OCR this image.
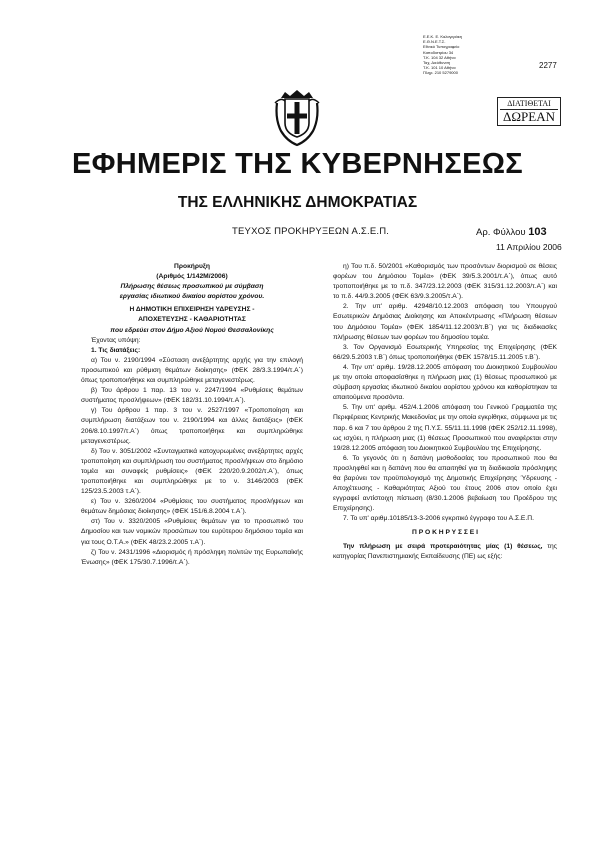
Ε.Ε.Κ. Ε. Καλογεράκη
Ε.Θ.Ν.Ε.Τ.Σ.
Εθνικό Τυπογραφείο
Καποδιστρίου 34
Τ.Κ. 104 32 Αθήνα
Ταχ. Διεύθυνση
Τ.Κ. 101 10 Αθήνα
Πληρ. 210 5279000
2277
ΔΙΑΤΙΘΕΤΑΙ
ΔΩΡΕΑΝ
ΕΦΗΜΕΡΙΣ ΤΗΣ ΚΥΒΕΡΝΗΣΕΩΣ
ΤΗΣ ΕΛΛΗΝΙΚΗΣ ΔΗΜΟΚΡΑΤΙΑΣ
ΤΕΥΧΟΣ ΠΡΟΚΗΡΥΞΕΩΝ Α.Σ.Ε.Π.	Αρ. Φύλλου 103
11 Απριλίου 2006

Προκήρυξη

(Αριθμός 1/142Μ/2006)

Πλήρωσης θέσεως προσωπικού με σύμβαση

εργασίας ιδιωτικού δικαίου αορίστου χρόνου.

Η ΔΗΜΟΤΙΚΗ ΕΠΙΧΕΙΡΗΣΗ ΥΔΡΕΥΣΗΣ -

ΑΠΟΧΕΤΕΥΣΗΣ - ΚΑΘΑΡΙΟΤΗΤΑΣ

που εδρεύει στον Δήμο Αξιού Νομού Θεσσαλονίκης

Έχοντας υπόψη:

1. Τις διατάξεις:

α) Του ν. 2190/1994 «Σύσταση ανεξάρτητης αρχής για την επιλογή προσωπικού και ρύθμιση θεμάτων διοίκησης» (ΦΕΚ 28/3.3.1994/τ.Α΄) όπως τροποποιήθηκε και συμπληρώθηκε μεταγενεστέρως.

β) Του άρθρου 1 παρ. 13 του ν. 2247/1994 «Ρυθμίσεις θεμάτων συστήματος προσλήψεων» (ΦΕΚ 182/31.10.1994/τ.Α΄).

γ) Του άρθρου 1 παρ. 3 του ν. 2527/1997 «Τροποποίηση και συμπλήρωση διατάξεων του ν. 2190/1994 και άλλες διατάξεις» (ΦΕΚ 206/8.10.1997/τ.Α΄) όπως τροποποιήθηκε και συμπληρώθηκε μεταγενεστέρως.

δ) Του ν. 3051/2002 «Συνταγματικά κατοχυρωμένες ανεξάρτητες αρχές τροποποίηση και συμπλήρωση του συστήματος προσλήψεων στο δημόσιο τομέα και συναφείς ρυθμίσεις» (ΦΕΚ 220/20.9.2002/τ.Α΄), όπως τροποποιήθηκε και συμπληρώθηκε με το ν. 3146/2003 (ΦΕΚ 125/23.5.2003 τ.Α΄).

ε) Του ν. 3260/2004 «Ρυθμίσεις του συστήματος προσλήψεων και θεμάτων δημόσιας διοίκησης» (ΦΕΚ 151/6.8.2004 τ.Α΄).

στ) Του ν. 3320/2005 «Ρυθμίσεις θεμάτων για το προσωπικό του Δημοσίου και των νομικών προσώπων του ευρύτερου δημόσιου τομέα και για τους Ο.Τ.Α.» (ΦΕΚ 48/23.2.2005 τ.Α΄).

ζ) Του ν. 2431/1996 «Διορισμός ή πρόσληψη πολιτών της Ευρωπαϊκής Ένωσης» (ΦΕΚ 175/30.7.1996/τ.Α΄).

η) Του π.δ. 50/2001 «Καθορισμός των προσόντων διορισμού σε θέσεις φορέων του Δημόσιου Τομέα» (ΦΕΚ 39/5.3.2001/τ.Α΄), όπως αυτό τροποποιήθηκε με το π.δ. 347/23.12.2003 (ΦΕΚ 315/31.12.2003/τ.Α΄) και το π.δ. 44/9.3.2005 (ΦΕΚ 63/9.3.2005/τ.Α΄).

2. Την υπ' αριθμ. 42948/10.12.2003 απόφαση του Υπουργού Εσωτερικών Δημόσιας Διοίκησης και Αποκέντρωσης «Πλήρωση θέσεων του Δημόσιου Τομέα» (ΦΕΚ 1854/11.12.2003/τ.Β΄) για τις διαδικασίες πλήρωσης θέσεων των φορέων του δημοσίου τομέα.

3. Τον Οργανισμό Εσωτερικής Υπηρεσίας της Επιχείρησης (ΦΕΚ 66/29.5.2003 τ.Β΄) όπως τροποποιήθηκε (ΦΕΚ 1578/15.11.2005 τ.Β΄).

4. Την υπ' αριθμ. 19/28.12.2005 απόφαση του Διοικητικού Συμβουλίου με την οποία αποφασίσθηκε η πλήρωση μιας (1) θέσεως προσωπικού με σύμβαση εργασίας ιδιωτικού δικαίου αορίστου χρόνου και καθορίστηκαν τα απαιτούμενα προσόντα.

5. Την υπ' αριθμ. 452/4.1.2006 απόφαση του Γενικού Γραμματέα της Περιφέρειας Κεντρικής Μακεδονίας με την οποία εγκρίθηκε, σύμφωνα με τις παρ. 6 και 7 του άρθρου 2 της Π.Υ.Σ. 55/11.11.1998 (ΦΕΚ 252/12.11.1998), ως ισχύει, η πλήρωση μιας (1) θέσεως Προσωπικού που αναφέρεται στην 19/28.12.2005 απόφαση του Διοικητικού Συμβουλίου της Επιχείρησης.

6. Το γεγονός ότι η δαπάνη μισθοδοσίας του προσωπικού που θα προσληφθεί και η δαπάνη που θα απαιτηθεί για τη διαδικασία πρόσληψης θα βαρύνει τον προϋπολογισμό της Δημοτικής Επιχείρησης Ύδρευσης - Αποχέτευσης - Καθαριότητας Αξιού του έτους 2006 στον οποίο έχει εγγραφεί αντίστοιχη πίστωση (8/30.1.2006 βεβαίωση του Προέδρου της Επιχείρησης).

7. Το υπ' αριθμ.10185/13-3-2006 εγκριτικό έγγραφο του Α.Σ.Ε.Π.

Π Ρ Ο Κ Η Ρ Υ Σ Σ Ε Ι

Την πλήρωση με σειρά προτεραιότητας μίας (1) θέσεως, της κατηγορίας Πανεπιστημιακής Εκπαίδευσης (ΠΕ) ως εξής:
